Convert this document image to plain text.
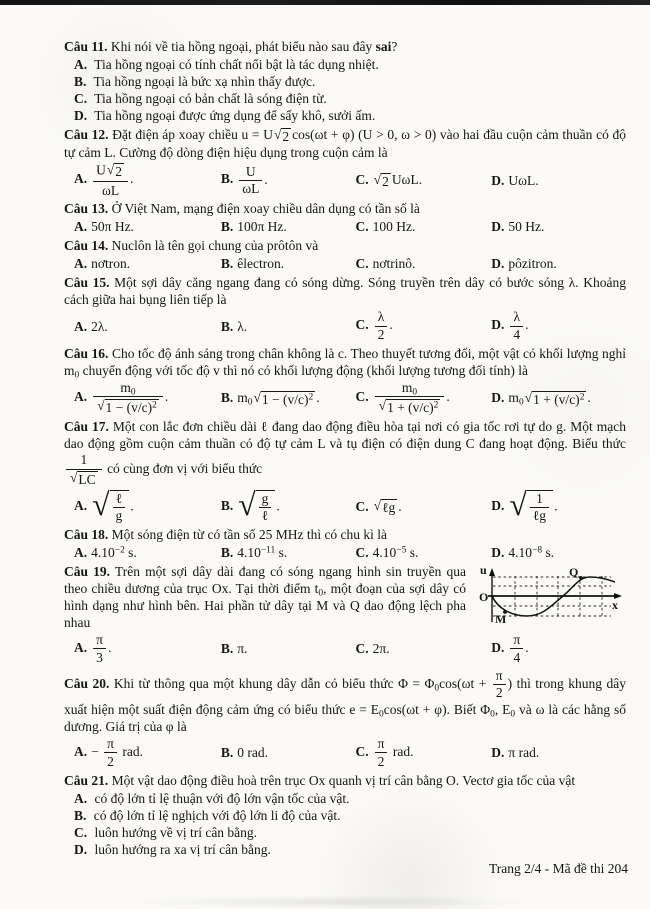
Câu 11. Khi nói về tia hồng ngoại, phát biểu nào sau đây sai?
A. Tia hồng ngoại có tính chất nổi bật là tác dụng nhiệt.
B. Tia hồng ngoại là bức xạ nhìn thấy được.
C. Tia hồng ngoại có bản chất là sóng điện từ.
D. Tia hồng ngoại được ứng dụng để sấy khô, sưởi ấm.
Câu 12. Đặt điện áp xoay chiều u = U √ 2 cos(ωt + φ) (U > 0, ω > 0) vào hai đầu cuộn cảm thuần có độ tự cảm L. Cường độ dòng điện hiệu dụng trong cuộn cảm là
A. $\frac{U √ 2}{\omega L}$ .	B. $\frac{U}{\omega L}$ .	C. √ 2 UωL.	D. UωL.
Câu 13. Ở Việt Nam, mạng điện xoay chiều dân dụng có tần số là
A. 50π Hz.	B. 100π Hz.	C. 100 Hz.	D. 50 Hz.
Câu 14. Nuclôn là tên gọi chung của prôtôn và
A. nơtron.	B. êlectron.	C. nơtrinô.	D. pôzitron.
Câu 15. Một sợi dây căng ngang đang có sóng dừng. Sóng truyền trên dây có bước sóng λ. Khoảng cách giữa hai bụng liên tiếp là
A. 2λ.	B. λ.	C. $\frac{\lambda}{2}$ .	D. $\frac{\lambda}{4}$ .
Câu 16. Cho tốc độ ánh sáng trong chân không là c. Theo thuyết tương đối, một vật có khối lượng nghỉ $m_0$ chuyển động với tốc độ v thì nó có khối lượng động (khối lượng tương đối tính) là
A. $\frac{m_0}{√ 1 - (v/c)^2}$ .	B. $m_0$ √ $1 - (v/c)^2$ .	C. $\frac{m_0}{√ 1 + (v/c)^2}$ .	D. $m_0$ √ $1 + (v/c)^2$ .
Câu 17. Một con lắc đơn chiều dài ℓ đang dao động điều hòa tại nơi có gia tốc rơi tự do g. Một mạch dao động gồm cuộn cảm thuần có độ tự cảm L và tụ điện có điện dung C đang hoạt động. Biểu thức
$\frac{1}{√ LC}$ có cùng đơn vị với biểu thức
A. √ $\frac{\text{ℓ}}{g}$ .	B. √ $\frac{g}{\text{ℓ}}$ .	C. √ ℓg .	D. √ $\frac{1}{\text{ℓg}}$ .
Câu 18. Một sóng điện từ có tần số 25 MHz thì có chu kì là
A. $4.10^{-2}$ s.	B. $4.10^{-11}$ s.	C. $4.10^{-5}$ s.	D. $4.10^{-8}$ s.
u
O
x
M
Q
Câu 19. Trên một sợi dây dài đang có sóng ngang hình sin truyền qua theo chiều dương của trục Ox. Tại thời điểm $t_0$, một đoạn của sợi dây có hình dạng như hình bên. Hai phần tử dây tại M và Q dao động lệch pha nhau
A. $\frac{\pi}{3}$ .	B. π.	C. 2π.	D. $\frac{\pi}{4}$ .
Câu 20. Khi từ thông qua một khung dây dẫn có biểu thức $\Phi = \Phi_0\cos(\omega t + \frac{\pi}{2}$ ) thì trong khung dây xuất hiện một suất điện động cảm ứng có biểu thức $e = E_0\cos(\omega t + \varphi)$. Biết $\Phi_0$, $E_0$ và ω là các hằng số dương. Giá trị của φ là
A. − $\frac{\pi}{2}$ rad.	B. 0 rad.	C. $\frac{\pi}{2}$ rad.	D. π rad.
Câu 21. Một vật dao động điều hoà trên trục Ox quanh vị trí cân bằng O. Vectơ gia tốc của vật
A. có độ lớn tỉ lệ thuận với độ lớn vận tốc của vật.
B. có độ lớn tỉ lệ nghịch với độ lớn li độ của vật.
C. luôn hướng về vị trí cân bằng.
D. luôn hướng ra xa vị trí cân bằng.
Trang 2/4 - Mã đề thi 204
